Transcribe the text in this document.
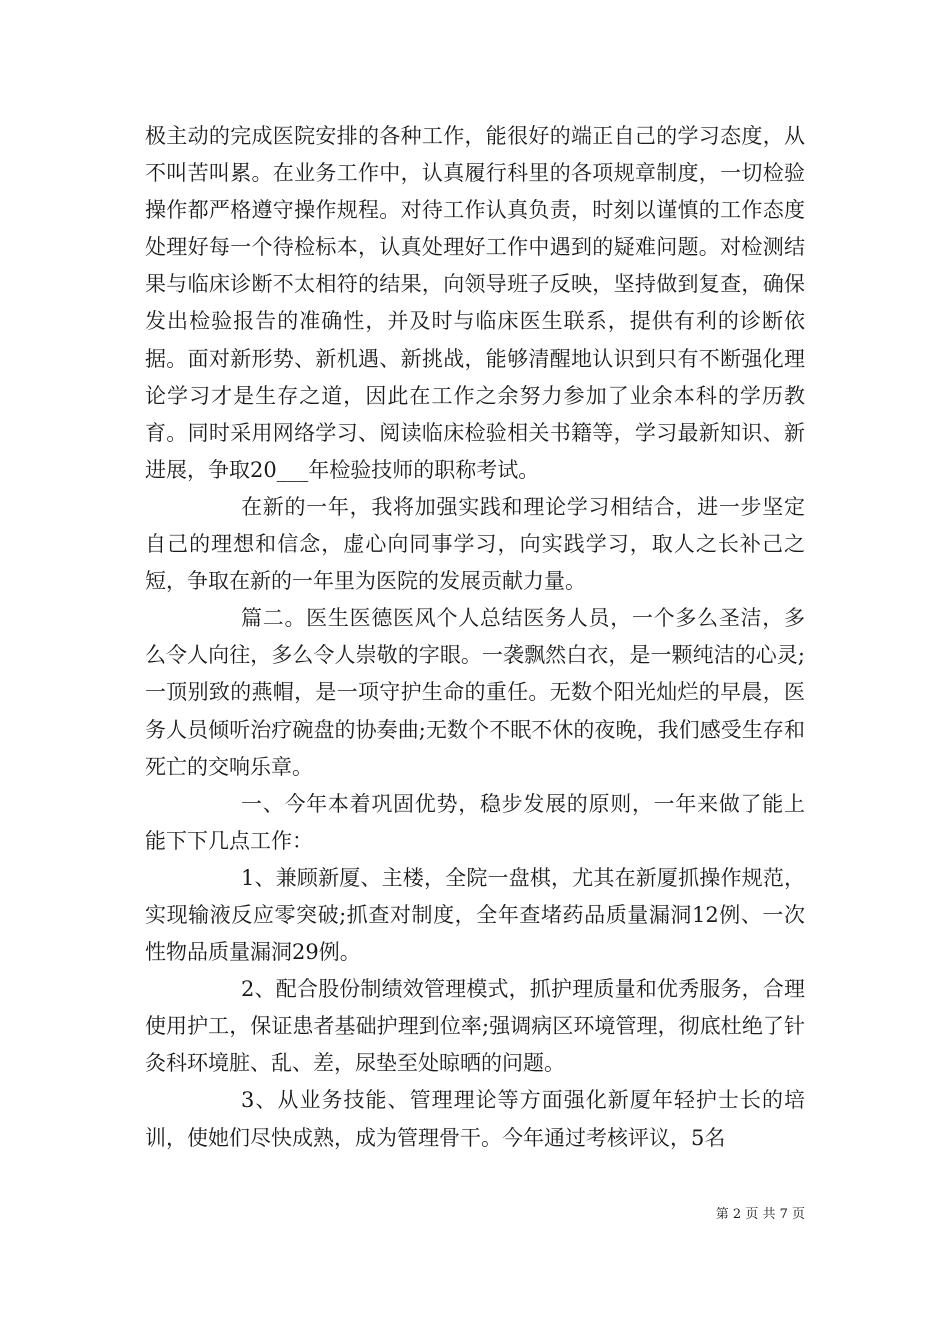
极主动的完成医院安排的各种工作，能很好的端正自己的学习态度，从不叫苦叫累。在业务工作中，认真履行科里的各项规章制度，一切检验操作都严格遵守操作规程。对待工作认真负责，时刻以谨慎的工作态度处理好每一个待检标本，认真处理好工作中遇到的疑难问题。对检测结果与临床诊断不太相符的结果，向领导班子反映，坚持做到复查，确保发出检验报告的准确性，并及时与临床医生联系，提供有利的诊断依据。面对新形势、新机遇、新挑战，能够清醒地认识到只有不断强化理论学习才是生存之道，因此在工作之余努力参加了业余本科的学历教育。同时采用网络学习、阅读临床检验相关书籍等，学习最新知识、新进展，争取20___年检验技师的职称考试。

在新的一年，我将加强实践和理论学习相结合，进一步坚定自己的理想和信念，虚心向同事学习，向实践学习，取人之长补己之短，争取在新的一年里为医院的发展贡献力量。

篇二。医生医德医风个人总结医务人员，一个多么圣洁，多么令人向往，多么令人崇敬的字眼。一袭飘然白衣，是一颗纯洁的心灵;一顶别致的燕帽，是一项守护生命的重任。无数个阳光灿烂的早晨，医务人员倾听治疗碗盘的协奏曲;无数个不眠不休的夜晚，我们感受生存和死亡的交响乐章。

一、今年本着巩固优势，稳步发展的原则，一年来做了能上能下下几点工作：

1、兼顾新厦、主楼，全院一盘棋，尤其在新厦抓操作规范，实现输液反应零突破;抓查对制度，全年查堵药品质量漏洞12例、一次性物品质量漏洞29例。

2、配合股份制绩效管理模式，抓护理质量和优秀服务，合理使用护工，保证患者基础护理到位率;强调病区环境管理，彻底杜绝了针灸科环境脏、乱、差，尿垫至处晾晒的问题。

3、从业务技能、管理理论等方面强化新厦年轻护士长的培训，使她们尽快成熟，成为管理骨干。今年通过考核评议，5名

第 2 页 共 7 页
